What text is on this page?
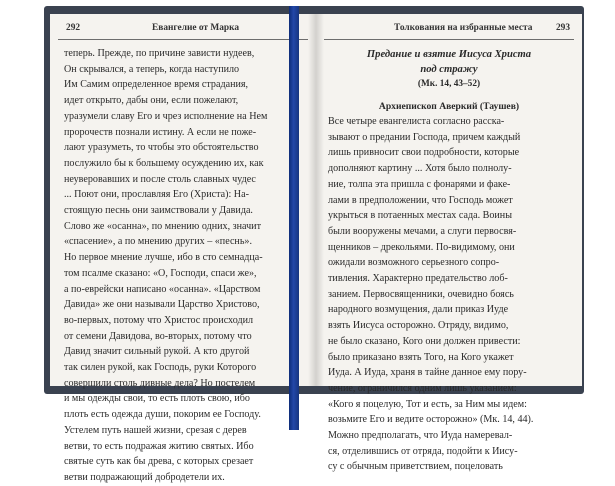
292	Евангелие от Марка
теперь. Прежде, по причине зависти нудеев,
Он скрывался, а теперь, когда наступило
Им Самим определенное время страдания,
идет открыто, дабы они, если пожелают,
уразумели славу Его и чрез исполнение на Нем
пророчеств познали истину. А если не поже-
лают уразуметь, то чтобы это обстоятельство
послужило бы к большему осуждению их, как
неуверовавших и после столь славных чудес
... Поют они, прославляя Его (Христа): На-
стоящую песнь они заимствовали у Давида.
Слово же «осанна», по мнению одних, значит
«спасение», а по мнению других – «песнь».
Но первое мнение лучше, ибо в сто семнадца-
том псалме сказано: «О, Господи, спаси же»,
а по-еврейски написано «осанна». «Царством
Давида» же они называли Царство Христово,
во-первых, потому что Христос происходил
от семени Давидова, во-вторых, потому что
Давид значит сильный рукой. А кто другой
так силен рукой, как Господь, руки Которого
совершили столь дивные дела? Но постелем
и мы одежды свои, то есть плоть свою, ибо
плоть есть одежда души, покорим ее Господу.
Устелем путь нашей жизни, срезая с дерев
ветви, то есть подражая житию святых. Ибо
святые суть как бы древа, с которых срезает
ветви подражающий добродетели их.
Толкования на избранные места	293
Предание и взятие Иисуса Христа
под стражу
(Мк. 14, 43–52)
Архиепископ Аверкий (Таушев)
Все четыре евангелиста согласно расска-
зывают о предании Господа, причем каждый
лишь привносит свои подробности, которые
дополняют картину ... Хотя было полнолу-
ние, толпа эта пришла с фонарями и факе-
лами в предположении, что Господь может
укрыться в потаенных местах сада. Воины
были вооружены мечами, а слуги первосвя-
щенников – дрекольями. По-видимому, они
ожидали возможного серьезного сопро-
тивления. Характерно предательство лоб-
занием. Первосвященники, очевидно боясь
народного возмущения, дали приказ Иуде
взять Иисуса осторожно. Отряду, видимо,
не было сказано, Кого они должен привести:
было приказано взять Того, на Кого укажет
Иуда. А Иуда, храня в тайне данное ему пору-
чение, ограничился одним лишь указанием:
«Кого я поцелую, Тот и есть, за Ним мы идем:
возьмите Его и ведите осторожно» (Мк. 14, 44).
Можно предполагать, что Иуда намеревал-
ся, отделившись от отряда, подойти к Иису-
су с обычным приветствием, поцеловать
